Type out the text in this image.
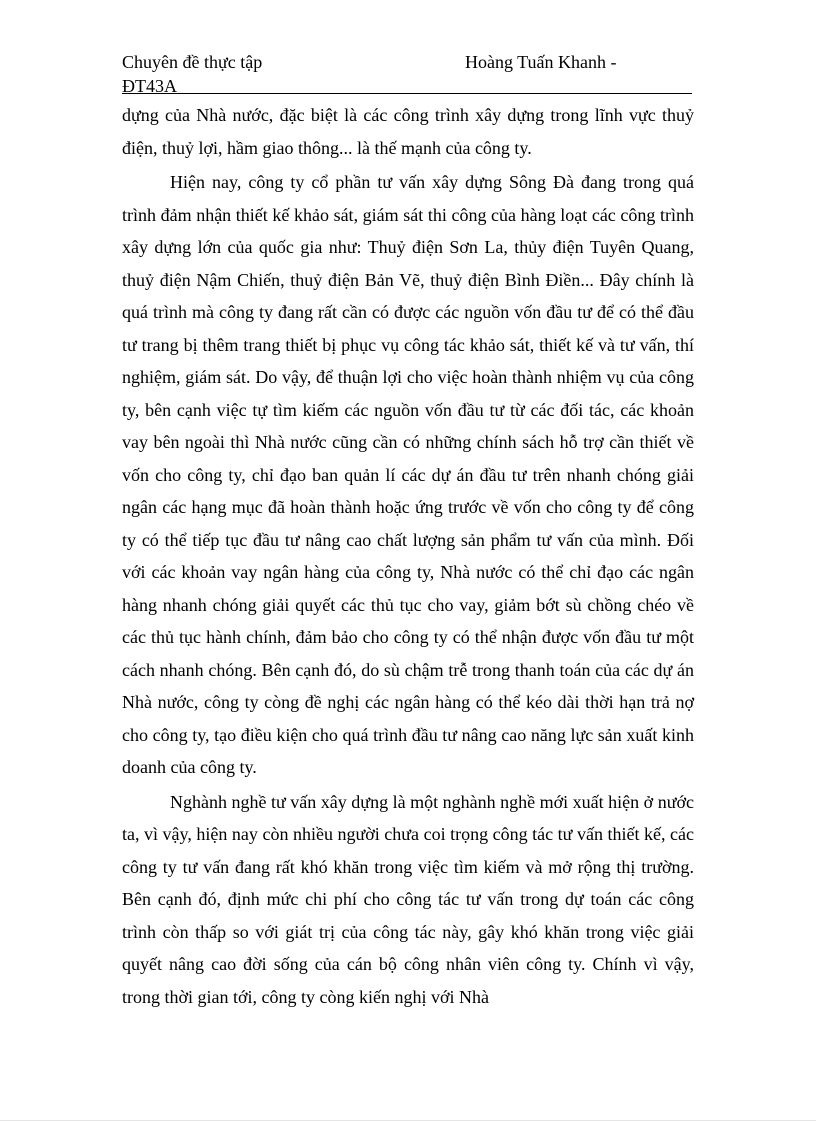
Chuyên đề thực tập
ĐT43A
Hoàng Tuấn Khanh -

dựng của Nhà nước, đặc biệt là các công trình xây dựng trong lĩnh vực thuỷ điện, thuỷ lợi, hầm giao thông... là thế mạnh của công ty.

Hiện nay, công ty cổ phần tư vấn xây dựng Sông Đà đang trong quá trình đảm nhận thiết kế khảo sát, giám sát thi công của hàng loạt các công trình xây dựng lớn của quốc gia như: Thuỷ điện Sơn La, thủy điện Tuyên Quang, thuỷ điện Nậm Chiến, thuỷ điện Bản Vẽ, thuỷ điện Bình Điền... Đây chính là quá trình mà công ty đang rất cần có được các nguồn vốn đầu tư để có thể đầu tư trang bị thêm trang thiết bị phục vụ công tác khảo sát, thiết kế và tư vấn, thí nghiệm, giám sát. Do vậy, để thuận lợi cho việc hoàn thành nhiệm vụ của công ty, bên cạnh việc tự tìm kiếm các nguồn vốn đầu tư từ các đối tác, các khoản vay bên ngoài thì Nhà nước cũng cần có những chính sách hỗ trợ cần thiết về vốn cho công ty, chỉ đạo ban quản lí các dự án đầu tư trên nhanh chóng giải ngân các hạng mục đã hoàn thành hoặc ứng trước về vốn cho công ty để công ty có thể tiếp tục đầu tư nâng cao chất lượng sản phẩm tư vấn của mình. Đối với các khoản vay ngân hàng của công ty, Nhà nước có thể chỉ đạo các ngân hàng nhanh chóng giải quyết các thủ tục cho vay, giảm bớt sù chồng chéo về các thủ tục hành chính, đảm bảo cho công ty có thể nhận được vốn đầu tư một cách nhanh chóng. Bên cạnh đó, do sù chậm trễ trong thanh toán của các dự án Nhà nước, công ty còng đề nghị các ngân hàng có thể kéo dài thời hạn trả nợ cho công ty, tạo điều kiện cho quá trình đầu tư nâng cao năng lực sản xuất kinh doanh của công ty.

Nghành nghề tư vấn xây dựng là một nghành nghề mới xuất hiện ở nước ta, vì vậy, hiện nay còn nhiều người chưa coi trọng công tác tư vấn thiết kế, các công ty tư vấn đang rất khó khăn trong việc tìm kiếm và mở rộng thị trường. Bên cạnh đó, định mức chi phí cho công tác tư vấn trong dự toán các công trình còn thấp so với giát trị của công tác này, gây khó khăn trong việc giải quyết nâng cao đời sống của cán bộ công nhân viên công ty. Chính vì vậy, trong thời gian tới, công ty còng kiến nghị với Nhà
